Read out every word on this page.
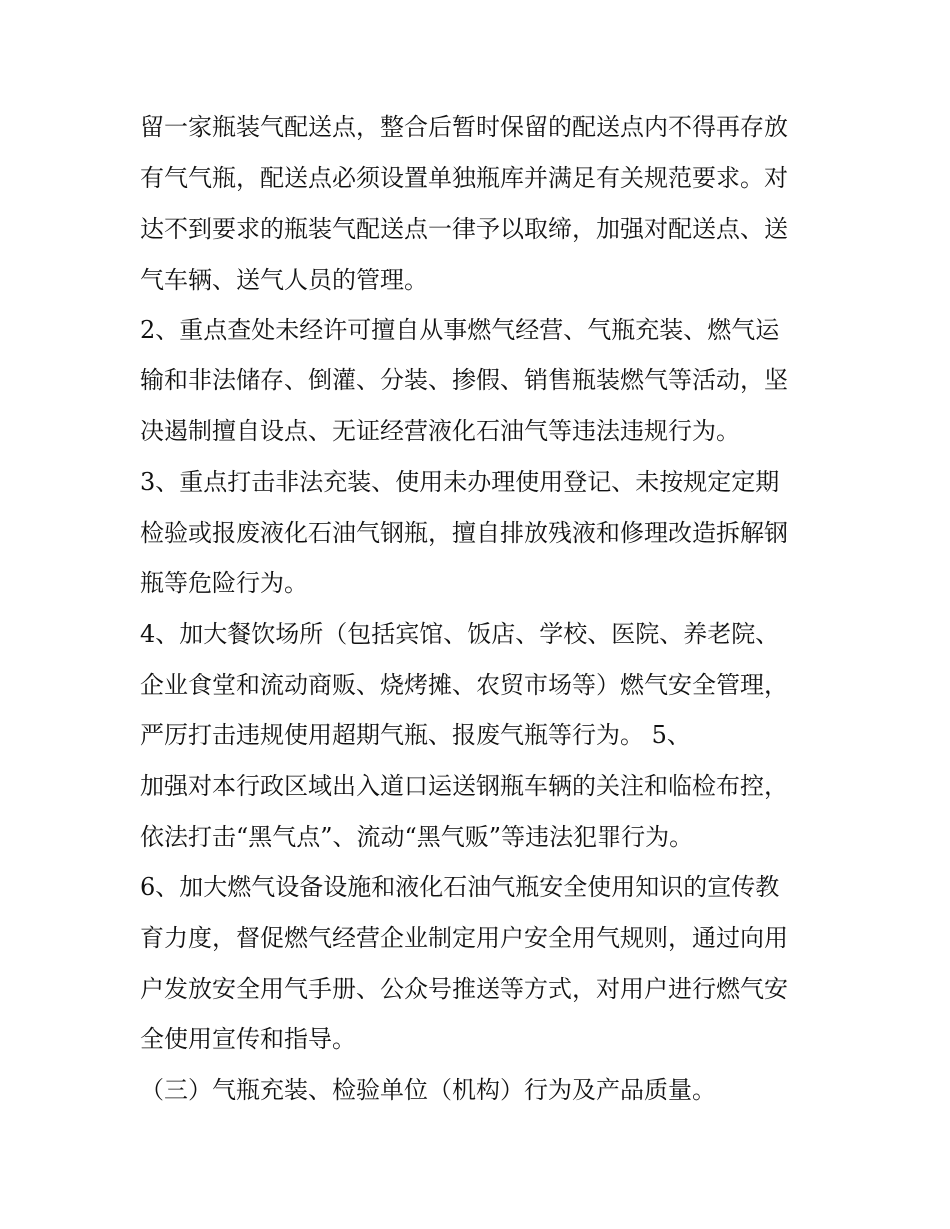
留一家瓶装气配送点，整合后暂时保留的配送点内不得再存放
有气气瓶，配送点必须设置单独瓶库并满足有关规范要求。对
达不到要求的瓶装气配送点一律予以取缔，加强对配送点、送
气车辆、送气人员的管理。
2、重点查处未经许可擅自从事燃气经营、气瓶充装、燃气运
输和非法储存、倒灌、分装、掺假、销售瓶装燃气等活动，坚
决遏制擅自设点、无证经营液化石油气等违法违规行为。
3、重点打击非法充装、使用未办理使用登记、未按规定定期
检验或报废液化石油气钢瓶，擅自排放残液和修理改造拆解钢
瓶等危险行为。
4、加大餐饮场所（包括宾馆、饭店、学校、医院、养老院、
企业食堂和流动商贩、烧烤摊、农贸市场等）燃气安全管理，
严厉打击违规使用超期气瓶、报废气瓶等行为。 5、
加强对本行政区域出入道口运送钢瓶车辆的关注和临检布控，
依法打击“黑气点”、流动“黑气贩”等违法犯罪行为。
6、加大燃气设备设施和液化石油气瓶安全使用知识的宣传教
育力度，督促燃气经营企业制定用户安全用气规则，通过向用
户发放安全用气手册、公众号推送等方式，对用户进行燃气安
全使用宣传和指导。
（三）气瓶充装、检验单位（机构）行为及产品质量。
